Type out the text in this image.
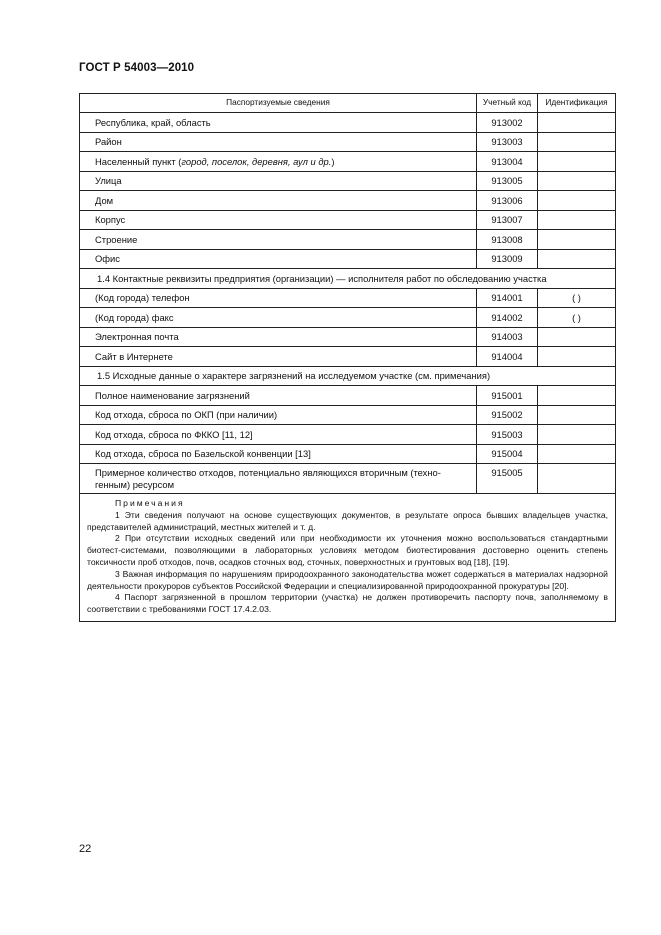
ГОСТ Р 54003—2010
Паспортизуемые сведения	Учетный код	Идентификация
Республика, край, область	913002	
Район	913003	
Населенный пункт (город, поселок, деревня, аул и др.)	913004	
Улица	913005	
Дом	913006	
Корпус	913007	
Строение	913008	
Офис	913009	
1.4 Контактные реквизиты предприятия (организации) — исполнителя работ по обследованию участка		
(Код города) телефон	914001	( )
(Код города) факс	914002	( )
Электронная почта	914003	
Сайт в Интернете	914004	
1.5 Исходные данные о характере загрязнений на исследуемом участке (см. примечания)		
Полное наименование загрязнений	915001	
Код отхода, сброса по ОКП (при наличии)	915002	
Код отхода, сброса по ФККО [11, 12]	915003	
Код отхода, сброса по Базельской конвенции [13]	915004	
Примерное количество отходов, потенциально являющихся вторичным (техно-генным) ресурсом	915005	

Примечания
1 Эти сведения получают на основе существующих документов, в результате опроса бывших владельцев участка, представителей администраций, местных жителей и т. д.
2 При отсутствии исходных сведений или при необходимости их уточнения можно воспользоваться стандартными биотест-системами, позволяющими в лабораторных условиях методом биотестирования достоверно оценить степень токсичности проб отходов, почв, осадков сточных вод, сточных, поверхностных и грунтовых вод [18], [19].
3 Важная информация по нарушениям природоохранного законодательства может содержаться в материалах надзорной деятельности прокуроров субъектов Российской Федерации и специализированной природоохранной прокуратуры [20].
4 Паспорт загрязненной в прошлом территории (участка) не должен противоречить паспорту почв, заполняемому в соответствии с требованиями ГОСТ 17.4.2.03.		
22
